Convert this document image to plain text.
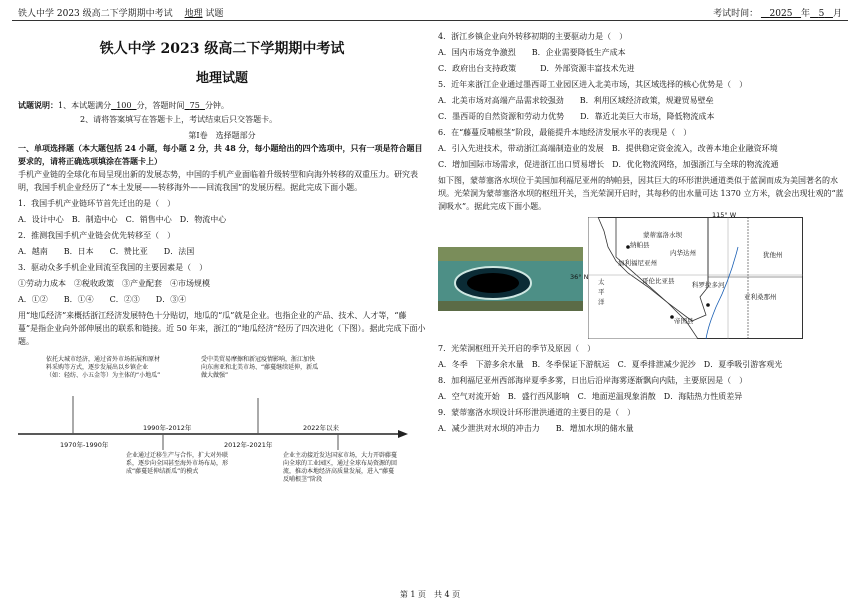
铁人中学 2023 级高二下学期期中考试　 地理 试题	考试时间： 2025 年 5 月
铁人中学 2023 级高二下学期期中考试
地理试题

试题说明：1、本试题满分 100 分，答题时间 75 分钟。

2、请将答案填写在答题卡上，考试结束后只交答题卡。

第Ⅰ卷　选择题部分

一、单项选择题（本大题包括 24 小题，每小题 2 分，共 48 分，每小题给出的四个选项中，只有一项是符合题目要求的，请将正确选项填涂在答题卡上）

手机产业链的全球化布局呈现出新的发展态势，中国的手机产业面临着升级转型和向海外转移的双重压力。研究表明，我国手机企业经历了“本土发展——转移海外——回流我国”的发展历程。据此完成下面小题。

1．我国手机产业链环节首先迁出的是（　）

A．设计中心　 B．制造中心　 C．销售中心　 D．物流中心

2．推测我国手机产业链会优先转移至（　）

A．越南　　 B．日本　　 C．赞比亚　　 D．法国

3．驱动众多手机企业回流至我国的主要因素是（　）

①劳动力成本　 ②税收政策　 ③产业配套　 ④市场规模

A．①②　　 B．①④　　 C．②③　　 D．③④

用“地瓜经济”来概括浙江经济发展特色十分贴切，地瓜的“瓜”就是企业。也指企业的产品、技术、人才等，“藤蔓”是指企业向外部伸展出的联系和链接。近 50 年来，浙江的“地瓜经济”经历了四次进化（下图）。据此完成下面小题。

依托大城市经济，通过省外市场拓展和原材料采购等方式，逐步发展出以乡镇企业（如：轻纺、小五金等）为主体的“小地瓜”
1970年-1990年
1990年-2012年
企业通过迁移生产与合作，扩大对外联系，逐步向全国甚至海外市场布局，形成“藤蔓延伸结新瓜”的模式
受中美贸易摩擦和新冠疫情影响，浙江加快向东南亚和北美市场、“藤蔓继续延伸，新瓜做大做强”
2012年-2021年
2022年以来
企业主动接近发达国家市场，大力开辟藤蔓向全球的工业园区，通过全球布局资源的回流，推动本地经济高质量发展，进入“藤蔓反哺根茎”阶段

4．浙江乡镇企业向外转移初期的主要驱动力是（　）

A．国内市场竞争激烈　　 B．企业需要降低生产成本

C．政府出台支持政策　　　	D．外部资源丰富技术先进

5．近年来浙江企业通过墨西哥工业园区进入北美市场，其区域选择的核心优势是（　）

A．北美市场对高端产品需求较强劲　　 B．利用区域经济政策，规避贸易壁垒

C．墨西哥的自然资源和劳动力优势　　 D．靠近北美巨大市场，降低物流成本

6．在“藤蔓反哺根茎”阶段，最能提升本地经济发展水平的表现是（　）

A．引入先进技术，带动浙江高端制造业的发展　 B．提供稳定资金流入，改善本地企业融资环境

C．增加国际市场需求，促进浙江出口贸易增长　 D．优化物流网络，加强浙江与全球的物流流通

如下图，蒙蒂塞洛水坝位于美国加利福尼亚州的纳帕县，因其巨大的环形泄洪通道类似于蓝洞而成为美国著名的水坝。光荣洞为蒙蒂塞洛水坝的枢纽开关，当光荣洞开启时，其每秒的出水量可达 1370 立方米，就会出现壮观的“蓝洞吸水”。据此完成下面小题。

115° W
36° N
纳帕县
加利福尼亚州
内华达州	犹他州
亚利桑那州
蒙蒂塞洛水坝
哥伦比亚县
帝国县
科罗拉多河
太平洋

7．光荣洞枢纽开关开启的季节及原因（　）

A．冬季　下游多余水量　 B．冬季保证下游航运　 C．夏季排泄减少泥沙　 D．夏季吸引游客观光

8．加利福尼亚州西部海岸夏季多雾，日出后沿岸海雾逐渐飘向内陆，主要原因是（　）

A．空气对流开始　 B．盛行西风影响　 C．地面逆温现象消散　 D．海陆热力性质差异

9．蒙蒂塞洛水坝设计环形泄洪通道的主要目的是（　）

A．减少泄洪对水坝的冲击力　　 B．增加水坝的储水量

第 1 页　共 4 页
